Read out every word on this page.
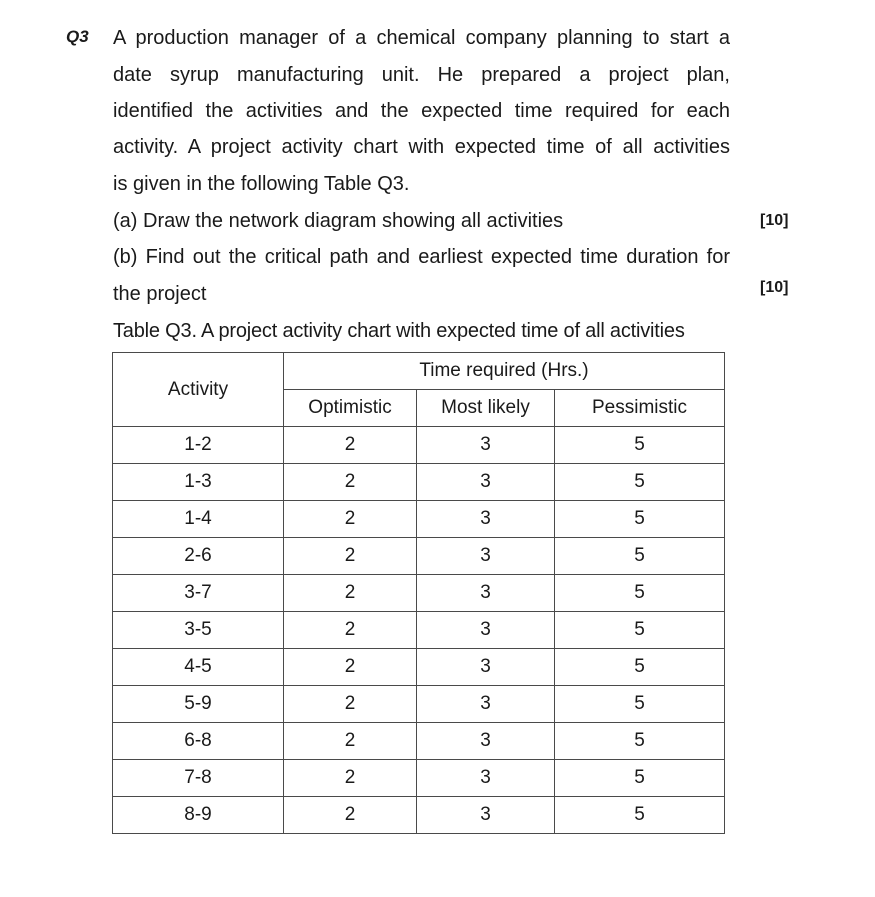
Q3 A production manager of a chemical company planning to start a
date syrup manufacturing unit. He prepared a project plan,
identified the activities and the expected time required for each
activity. A project activity chart with expected time of all activities
is given in the following Table Q3.
(a) Draw the network diagram showing all activities	[10]
(b) Find out the critical path and earliest expected time duration for
the project	[10]
Table Q3. A project activity chart with expected time of all activities
Activity	Time required (Hrs.)		
	Optimistic	Most likely	Pessimistic
1-2	2	3	5
1-3	2	3	5
1-4	2	3	5
2-6	2	3	5
3-7	2	3	5
3-5	2	3	5
4-5	2	3	5
5-9	2	3	5
6-8	2	3	5
7-8	2	3	5
8-9	2	3	5
